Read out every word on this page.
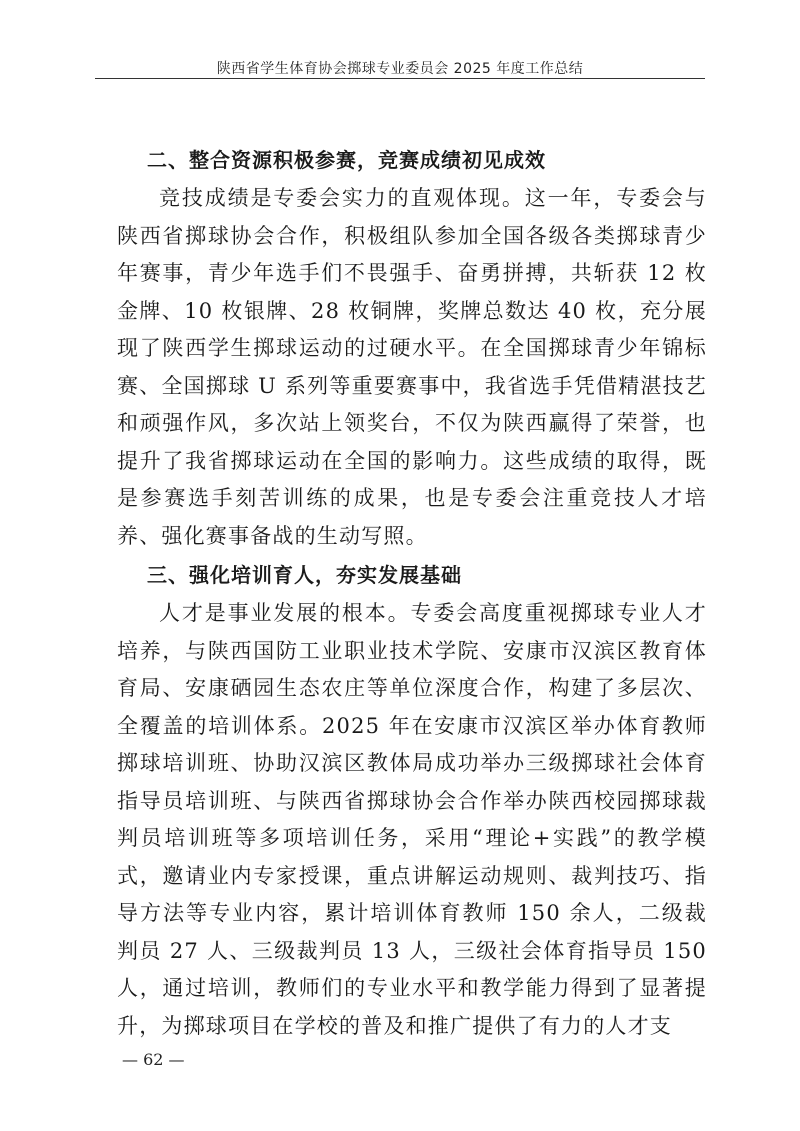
陕西省学生体育协会掷球专业委员会 2025 年度工作总结
二、整合资源积极参赛，竞赛成绩初见成效

竞技成绩是专委会实力的直观体现。这一年，专委会与陕西省掷球协会合作，积极组队参加全国各级各类掷球青少年赛事，青少年选手们不畏强手、奋勇拼搏，共斩获 12 枚金牌、10 枚银牌、28 枚铜牌，奖牌总数达 40 枚，充分展现了陕西学生掷球运动的过硬水平。在全国掷球青少年锦标赛、全国掷球 U 系列等重要赛事中，我省选手凭借精湛技艺和顽强作风，多次站上领奖台，不仅为陕西赢得了荣誉，也提升了我省掷球运动在全国的影响力。这些成绩的取得，既是参赛选手刻苦训练的成果，也是专委会注重竞技人才培养、强化赛事备战的生动写照。

三、强化培训育人，夯实发展基础

人才是事业发展的根本。专委会高度重视掷球专业人才培养，与陕西国防工业职业技术学院、安康市汉滨区教育体育局、安康硒园生态农庄等单位深度合作，构建了多层次、全覆盖的培训体系。2025 年在安康市汉滨区举办体育教师掷球培训班、协助汉滨区教体局成功举办三级掷球社会体育指导员培训班、与陕西省掷球协会合作举办陕西校园掷球裁判员培训班等多项培训任务，采用“理论+实践”的教学模式，邀请业内专家授课，重点讲解运动规则、裁判技巧、指导方法等专业内容，累计培训体育教师 150 余人，二级裁判员 27 人、三级裁判员 13 人，三级社会体育指导员 150 人，通过培训，教师们的专业水平和教学能力得到了显著提升，为掷球项目在学校的普及和推广提供了有力的人才支

— 62 —
